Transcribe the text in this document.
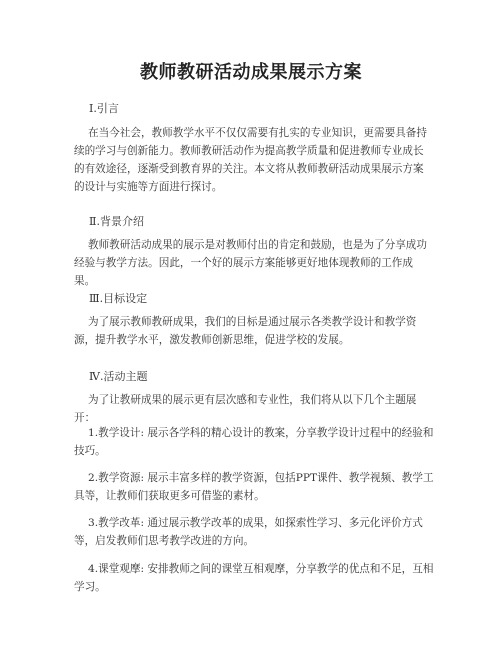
教师教研活动成果展示方案
Ⅰ.引言
在当今社会，教师教学水平不仅仅需要有扎实的专业知识，更需要具备持续的学习与创新能力。教师教研活动作为提高教学质量和促进教师专业成长的有效途径，逐渐受到教育界的关注。本文将从教师教研活动成果展示方案的设计与实施等方面进行探讨。
Ⅱ.背景介绍
教师教研活动成果的展示是对教师付出的肯定和鼓励，也是为了分享成功经验与教学方法。因此，一个好的展示方案能够更好地体现教师的工作成果。
Ⅲ.目标设定
为了展示教师教研成果，我们的目标是通过展示各类教学设计和教学资源，提升教学水平，激发教师创新思维，促进学校的发展。
Ⅳ.活动主题
为了让教研成果的展示更有层次感和专业性，我们将从以下几个主题展开：
1.教学设计: 展示各学科的精心设计的教案，分享教学设计过程中的经验和技巧。
2.教学资源: 展示丰富多样的教学资源，包括PPT课件、教学视频、教学工具等，让教师们获取更多可借鉴的素材。
3.教学改革: 通过展示教学改革的成果，如探索性学习、多元化评价方式等，启发教师们思考教学改进的方向。
4.课堂观摩: 安排教师之间的课堂互相观摩，分享教学的优点和不足，互相学习。
